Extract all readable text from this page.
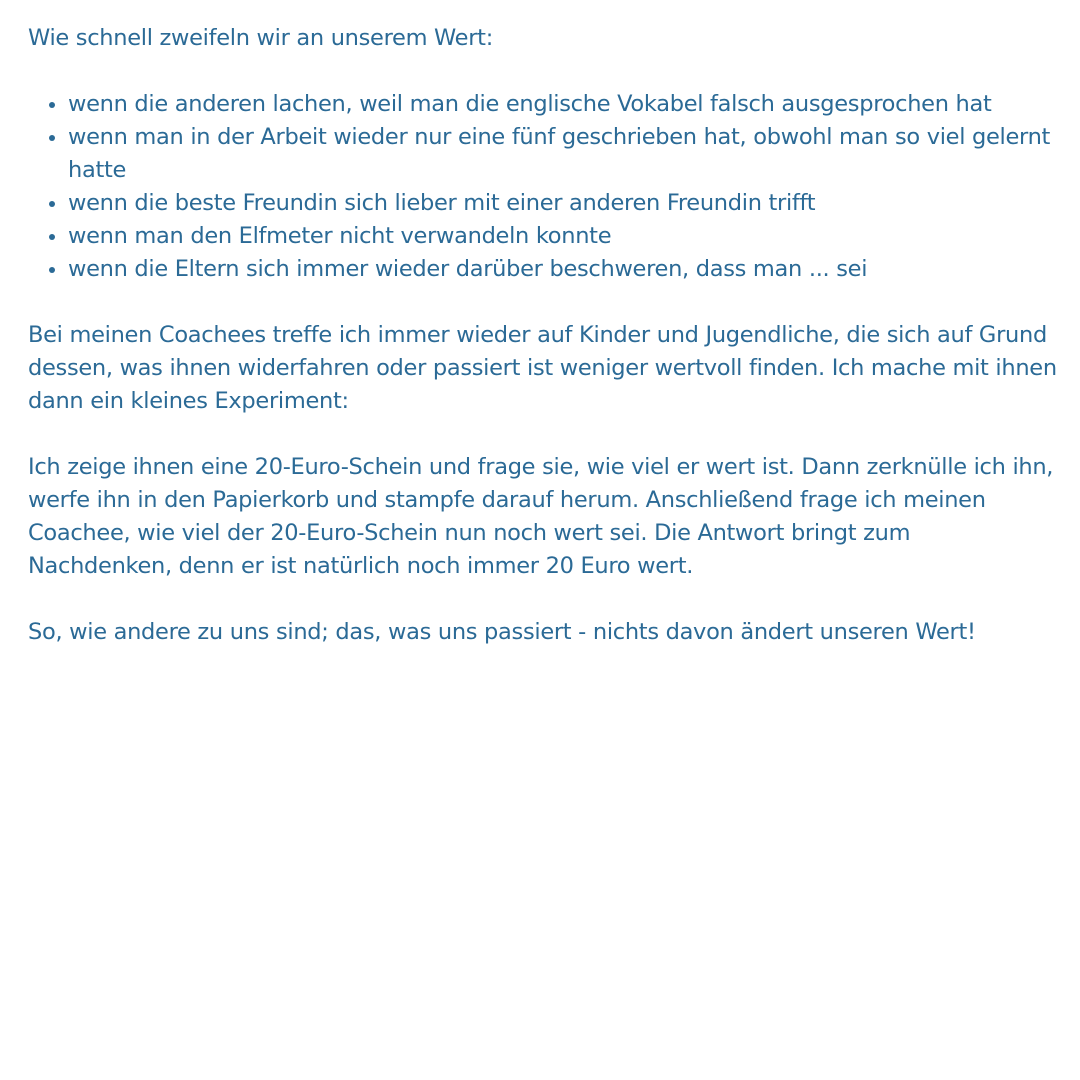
Wie schnell zweifeln wir an unserem Wert:

• wenn die anderen lachen, weil man die englische Vokabel falsch ausgesprochen hat
• wenn man in der Arbeit wieder nur eine fünf geschrieben hat, obwohl man so viel gelernt hatte
• wenn die beste Freundin sich lieber mit einer anderen Freundin trifft
• wenn man den Elfmeter nicht verwandeln konnte
• wenn die Eltern sich immer wieder darüber beschweren, dass man ... sei

Bei meinen Coachees treffe ich immer wieder auf Kinder und Jugendliche, die sich auf Grund dessen, was ihnen widerfahren oder passiert ist weniger wertvoll finden. Ich mache mit ihnen dann ein kleines Experiment:

Ich zeige ihnen eine 20-Euro-Schein und frage sie, wie viel er wert ist. Dann zerknülle ich ihn, werfe ihn in den Papierkorb und stampfe darauf herum. Anschließend frage ich meinen Coachee, wie viel der 20-Euro-Schein nun noch wert sei. Die Antwort bringt zum Nachdenken, denn er ist natürlich noch immer 20 Euro wert.

So, wie andere zu uns sind; das, was uns passiert - nichts davon ändert unseren Wert!
